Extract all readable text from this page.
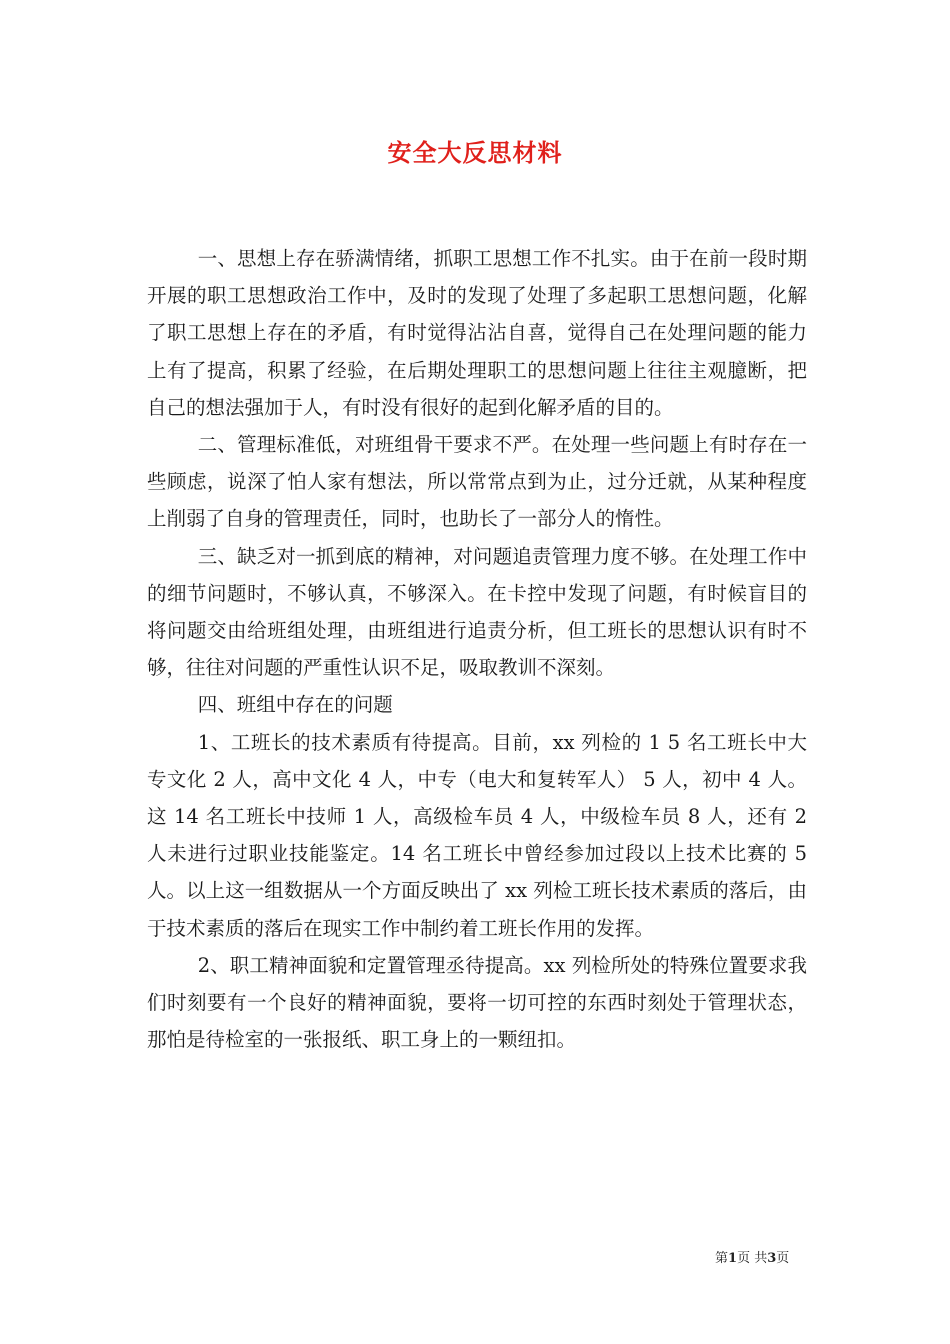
安全大反思材料

一、思想上存在骄满情绪，抓职工思想工作不扎实。由于在前一段时期开展的职工思想政治工作中，及时的发现了处理了多起职工思想问题，化解了职工思想上存在的矛盾，有时觉得沾沾自喜，觉得自己在处理问题的能力上有了提高，积累了经验，在后期处理职工的思想问题上往往主观臆断，把自己的想法强加于人，有时没有很好的起到化解矛盾的目的。

二、管理标准低，对班组骨干要求不严。在处理一些问题上有时存在一些顾虑，说深了怕人家有想法，所以常常点到为止，过分迁就，从某种程度上削弱了自身的管理责任，同时，也助长了一部分人的惰性。

三、缺乏对一抓到底的精神，对问题追责管理力度不够。在处理工作中的细节问题时，不够认真，不够深入。在卡控中发现了问题，有时候盲目的将问题交由给班组处理，由班组进行追责分析，但工班长的思想认识有时不够，往往对问题的严重性认识不足，吸取教训不深刻。

四、班组中存在的问题

1、工班长的技术素质有待提高。目前，xx 列检的 1 5 名工班长中大专文化 2 人，高中文化 4 人，中专（电大和复转军人） 5 人，初中 4 人。这 14 名工班长中技师 1 人，高级检车员 4 人，中级检车员 8 人，还有 2 人未进行过职业技能鉴定。14 名工班长中曾经参加过段以上技术比赛的 5 人。以上这一组数据从一个方面反映出了 xx 列检工班长技术素质的落后，由于技术素质的落后在现实工作中制约着工班长作用的发挥。

2、职工精神面貌和定置管理丞待提高。xx 列检所处的特殊位置要求我们时刻要有一个良好的精神面貌，要将一切可控的东西时刻处于管理状态，那怕是待检室的一张报纸、职工身上的一颗纽扣。

第1页 共3页
